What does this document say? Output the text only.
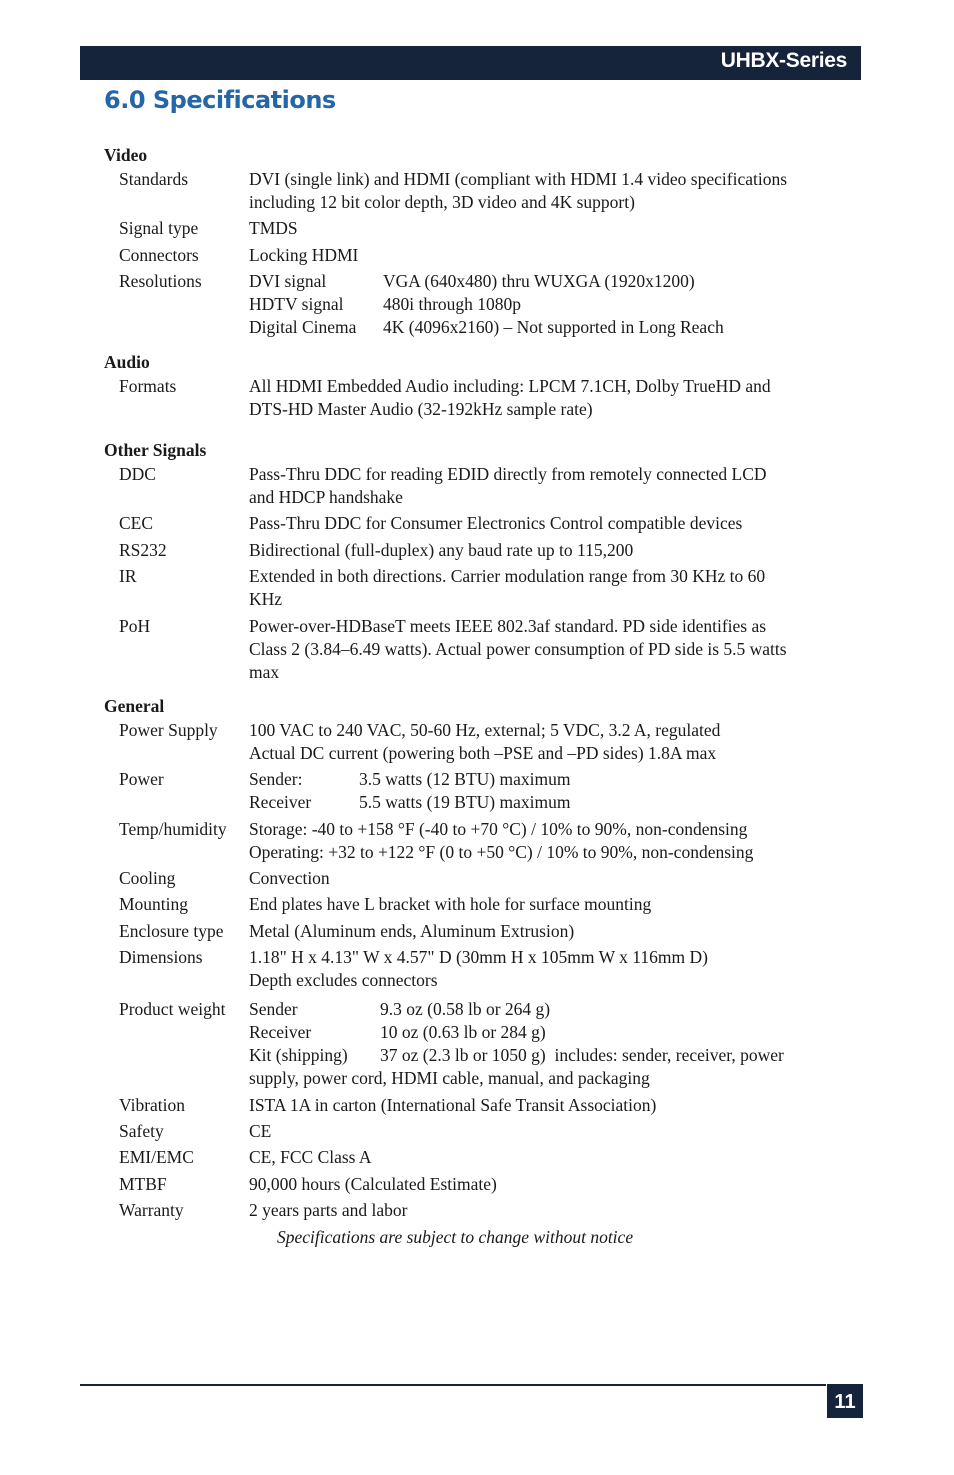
UHBX-Series
6.0 Specifications
Video
Standards	DVI (single link) and HDMI (compliant with HDMI 1.4 video specifications
including 12 bit color depth, 3D video and 4K support)
Signal type	TMDS
Connectors	Locking HDMI
Resolutions	DVI signal	VGA (640x480) thru WUXGA (1920x1200)
HDTV signal	480i through 1080p
Digital Cinema	4K (4096x2160) – Not supported in Long Reach
Audio
Formats	All HDMI Embedded Audio including: LPCM 7.1CH, Dolby TrueHD and
DTS-HD Master Audio (32-192kHz sample rate)
Other Signals
DDC	Pass-Thru DDC for reading EDID directly from remotely connected LCD
and HDCP handshake
CEC	Pass-Thru DDC for Consumer Electronics Control compatible devices
RS232	Bidirectional (full-duplex) any baud rate up to 115,200
IR	Extended in both directions. Carrier modulation range from 30 KHz to 60
KHz
PoH	Power-over-HDBaseT meets IEEE 802.3af standard. PD side identifies as
Class 2 (3.84–6.49 watts). Actual power consumption of PD side is 5.5 watts
max
General
Power Supply	100 VAC to 240 VAC, 50-60 Hz, external; 5 VDC, 3.2 A, regulated
Actual DC current (powering both –PSE and –PD sides) 1.8A max
Power	Sender:	3.5 watts (12 BTU) maximum
Receiver	5.5 watts (19 BTU) maximum
Temp/humidity	Storage: -40 to +158 °F (-40 to +70 °C) / 10% to 90%, non-condensing
Operating: +32 to +122 °F (0 to +50 °C) / 10% to 90%, non-condensing
Cooling	Convection
Mounting	End plates have L bracket with hole for surface mounting
Enclosure type	Metal (Aluminum ends, Aluminum Extrusion)
Dimensions	1.18" H x 4.13" W x 4.57" D (30mm H x 105mm W x 116mm D)
Depth excludes connectors
Product weight	Sender	9.3 oz (0.58 lb or 264 g)
Receiver	10 oz (0.63 lb or 284 g)
Kit (shipping)	37 oz (2.3 lb or 1050 g)  includes: sender, receiver, power
supply, power cord, HDMI cable, manual, and packaging
Vibration	ISTA 1A in carton (International Safe Transit Association)
Safety	CE
EMI/EMC	CE, FCC Class A
MTBF	90,000 hours (Calculated Estimate)
Warranty	2 years parts and labor
Specifications are subject to change without notice
11
